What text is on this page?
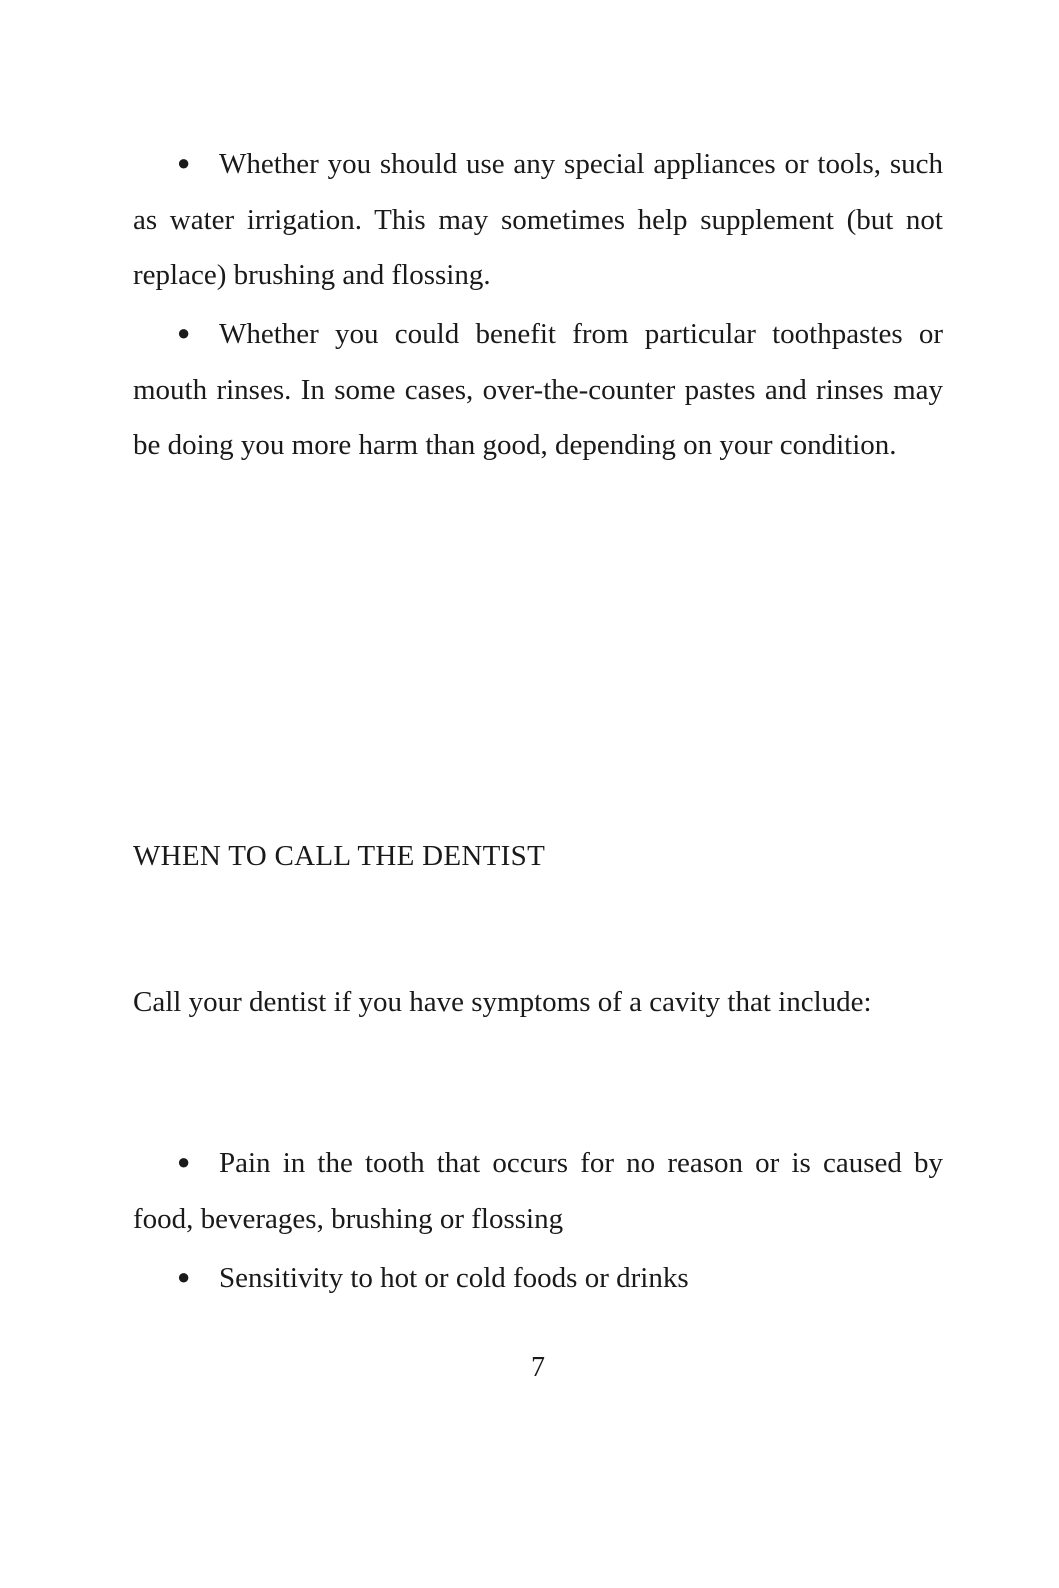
● Whether you should use any special appliances or tools, such as water irrigation. This may sometimes help supplement (but not replace) brushing and flossing.

● Whether you could benefit from particular toothpastes or mouth rinses. In some cases, over-the-counter pastes and rinses may be doing you more harm than good, depending on your condition.

WHEN TO CALL THE DENTIST

Call your dentist if you have symptoms of a cavity that include:

● Pain in the tooth that occurs for no reason or is caused by food, beverages, brushing or flossing

● Sensitivity to hot or cold foods or drinks

7
